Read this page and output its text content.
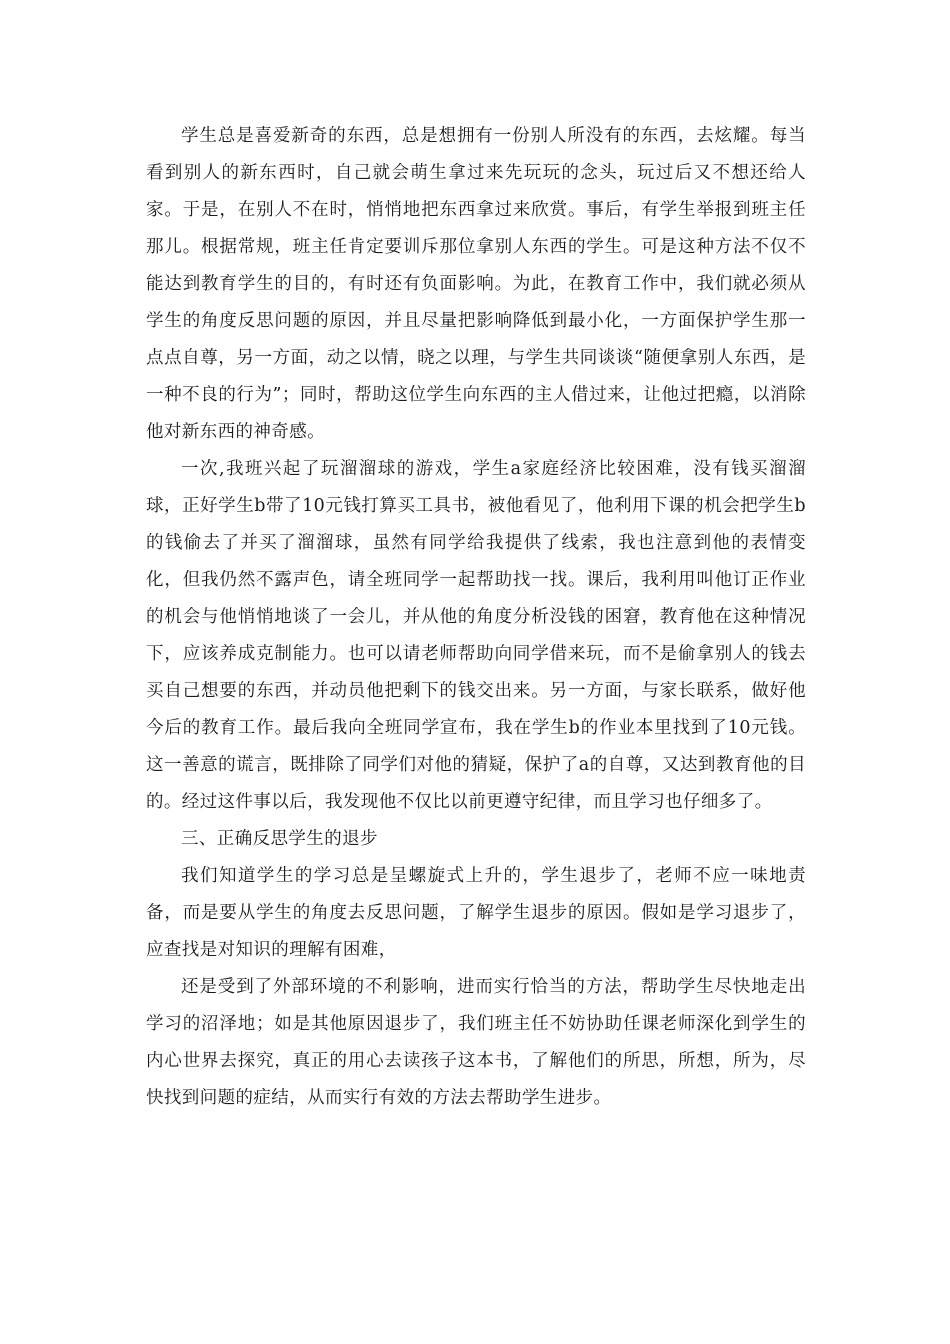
学生总是喜爱新奇的东西，总是想拥有一份别人所没有的东西，去炫耀。每当看到别人的新东西时，自己就会萌生拿过来先玩玩的念头，玩过后又不想还给人家。于是，在别人不在时，悄悄地把东西拿过来欣赏。事后，有学生举报到班主任那儿。根据常规，班主任肯定要训斥那位拿别人东西的学生。可是这种方法不仅不能达到教育学生的目的，有时还有负面影响。为此，在教育工作中，我们就必须从学生的角度反思问题的原因，并且尽量把影响降低到最小化，一方面保护学生那一点点自尊，另一方面，动之以情，晓之以理，与学生共同谈谈“随便拿别人东西，是一种不良的行为”；同时，帮助这位学生向东西的主人借过来，让他过把瘾，以消除他对新东西的神奇感。

一次,我班兴起了玩溜溜球的游戏，学生a家庭经济比较困难，没有钱买溜溜球，正好学生b带了10元钱打算买工具书，被他看见了，他利用下课的机会把学生b的钱偷去了并买了溜溜球，虽然有同学给我提供了线索，我也注意到他的表情变化，但我仍然不露声色，请全班同学一起帮助找一找。课后，我利用叫他订正作业的机会与他悄悄地谈了一会儿，并从他的角度分析没钱的困窘，教育他在这种情况下，应该养成克制能力。也可以请老师帮助向同学借来玩，而不是偷拿别人的钱去买自己想要的东西，并动员他把剩下的钱交出来。另一方面，与家长联系，做好他今后的教育工作。最后我向全班同学宣布，我在学生b的作业本里找到了10元钱。这一善意的谎言，既排除了同学们对他的猜疑，保护了a的自尊，又达到教育他的目的。经过这件事以后，我发现他不仅比以前更遵守纪律，而且学习也仔细多了。

三、正确反思学生的退步

我们知道学生的学习总是呈螺旋式上升的，学生退步了，老师不应一味地责备，而是要从学生的角度去反思问题，了解学生退步的原因。假如是学习退步了，应查找是对知识的理解有困难，

还是受到了外部环境的不利影响，进而实行恰当的方法，帮助学生尽快地走出学习的沼泽地；如是其他原因退步了，我们班主任不妨协助任课老师深化到学生的内心世界去探究，真正的用心去读孩子这本书，了解他们的所思，所想，所为，尽快找到问题的症结，从而实行有效的方法去帮助学生进步。
